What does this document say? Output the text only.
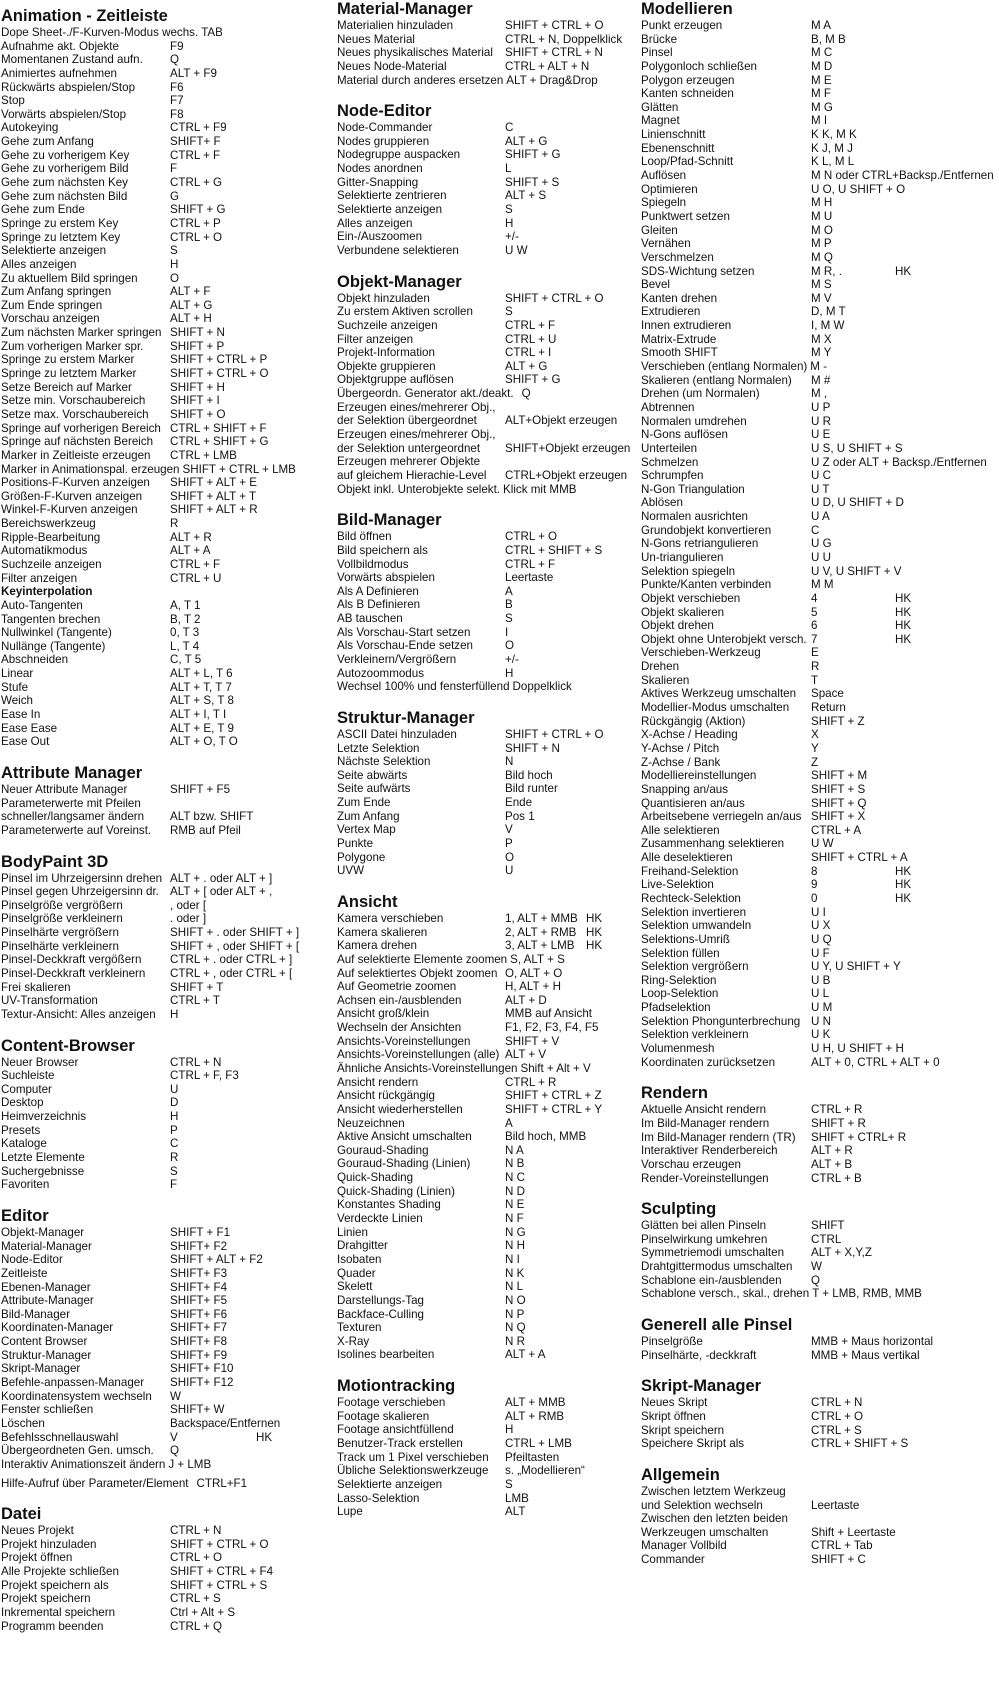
Animation - Zeitleiste
Dope Sheet-./F-Kurven-Modus wechs. TAB
Aufnahme akt. Objekte	F9
Momentanen Zustand aufn. Q
Animiertes aufnehmen	ALT + F9
Rückwärts abspielen/Stop	F6
Stop	F7
Vorwärts abspielen/Stop	F8
Autokeying	CTRL + F9
Gehe zum Anfang	SHIFT+ F
Gehe zu vorherigem Key	CTRL + F
Gehe zu vorherigem Bild	F
Gehe zum nächsten Key	CTRL + G
Gehe zum nächsten Bild	G
Gehe zum Ende	SHIFT + G
Springe zu erstem Key	CTRL + P
Springe zu letztem Key	CTRL + O
Selektierte anzeigen	S
Alles anzeigen	H
Zu aktuellem Bild springen	O
Zum Anfang springen	ALT + F
Zum Ende springen	ALT + G
Vorschau anzeigen	ALT + H
Zum nächsten Marker springen SHIFT + N
Zum vorherigen Marker spr. SHIFT + P
Springe zu erstem Marker	SHIFT + CTRL + P
Springe zu letztem Marker	SHIFT + CTRL + O
Setze Bereich auf Marker	SHIFT + H
Setze min. Vorschaubereich SHIFT + I
Setze max. Vorschaubereich SHIFT + O
Springe auf vorherigen Bereich CTRL + SHIFT + F
Springe auf nächsten Bereich CTRL + SHIFT + G
Marker in Zeitleiste erzeugen CTRL + LMB
Marker in Animationspal. erzeugen SHIFT + CTRL + LMB
Positions-F-Kurven anzeigen SHIFT + ALT + E
Größen-F-Kurven anzeigen SHIFT + ALT + T
Winkel-F-Kurven anzeigen	SHIFT + ALT + R
Bereichswerkzeug	R
Ripple-Bearbeitung	ALT + R
Automatikmodus	ALT + A
Suchzeile anzeigen	CTRL + F
Filter anzeigen	CTRL + U
Keyinterpolation
Auto-Tangenten	A, T 1
Tangenten brechen	B, T 2
Nullwinkel (Tangente)	0, T 3
Nullänge (Tangente)	L, T 4
Abschneiden	C, T 5
Linear	ALT + L, T 6
Stufe	ALT + T, T 7
Weich	ALT + S, T 8
Ease In	ALT + I, T I
Ease Ease	ALT + E, T 9
Ease Out	ALT + O, T O
Attribute Manager
Neuer Attribute Manager	SHIFT + F5
Parameterwerte mit Pfeilen
schneller/langsamer ändern ALT bzw. SHIFT
Parameterwerte auf Voreinst. RMB auf Pfeil
BodyPaint 3D
Pinsel im Uhrzeigersinn drehen ALT + . oder ALT + ]
Pinsel gegen Uhrzeigersinn dr. ALT + [ oder ALT + ,
Pinselgröße vergrößern	, oder [
Pinselgröße verkleinern	. oder ]
Pinselhärte vergrößern	SHIFT + . oder SHIFT + ]
Pinselhärte verkleinern	SHIFT + , oder SHIFT + [
Pinsel-Deckkraft vergößern CTRL + . oder CTRL + ]
Pinsel-Deckkraft verkleinern CTRL + , oder CTRL + [
Frei skalieren	SHIFT + T
UV-Transformation	CTRL + T
Textur-Ansicht: Alles anzeigen H
Content-Browser
Neuer Browser	CTRL + N
Suchleiste	CTRL + F, F3
Computer	U
Desktop	D
Heimverzeichnis	H
Presets	P
Kataloge	C
Letzte Elemente	R
Suchergebnisse	S
Favoriten	F
Editor
Objekt-Manager	SHIFT + F1
Material-Manager	SHIFT+ F2
Node-Editor	SHIFT + ALT + F2
Zeitleiste	SHIFT+ F3
Ebenen-Manager	SHIFT+ F4
Attribute-Manager	SHIFT+ F5
Bild-Manager	SHIFT+ F6
Koordinaten-Manager	SHIFT+ F7
Content Browser	SHIFT+ F8
Struktur-Manager	SHIFT+ F9
Skript-Manager	SHIFT+ F10
Befehle-anpassen-Manager SHIFT+ F12
Koordinatensystem wechseln W
Fenster schließen	SHIFT+ W
Löschen	Backspace/Entfernen
Befehlsschnellauswahl	V	HK
Übergeordneten Gen. umsch. Q
Interaktiv Animationszeit ändern J + LMB
Hilfe-Aufruf über Parameter/Element CTRL+F1
Datei
Neues Projekt	CTRL + N
Projekt hinzuladen	SHIFT + CTRL + O
Projekt öffnen	CTRL + O
Alle Projekte schließen	SHIFT + CTRL + F4
Projekt speichern als	SHIFT + CTRL + S
Projekt speichern	CTRL + S
Inkremental speichern	Ctrl + Alt + S
Programm beenden	CTRL + Q
Material-Manager
Materialien hinzuladen	SHIFT + CTRL + O
Neues Material	CTRL + N, Doppelklick
Neues physikalisches Material SHIFT + CTRL + N
Neues Node-Material	CTRL + ALT + N
Material durch anderes ersetzen ALT + Drag&Drop
Node-Editor
Node-Commander	C
Nodes gruppieren	ALT + G
Nodegruppe auspacken	SHIFT + G
Nodes anordnen	L
Gitter-Snapping	SHIFT + S
Selektierte zentrieren	ALT + S
Selektierte anzeigen	S
Alles anzeigen	H
Ein-/Auszoomen	+/-
Verbundene selektieren	U W
Objekt-Manager
Objekt hinzuladen	SHIFT + CTRL + O
Zu erstem Aktiven scrollen	S
Suchzeile anzeigen	CTRL + F
Filter anzeigen	CTRL + U
Projekt-Information	CTRL + I
Objekte gruppieren	ALT + G
Objektgruppe auflösen	SHIFT + G
Übergeordn. Generator akt./deakt. Q
Erzeugen eines/mehrerer Obj.,
der Selektion übergeordnet ALT+Objekt erzeugen
Erzeugen eines/mehrerer Obj.,
der Selektion untergeordnet SHIFT+Objekt erzeugen
Erzeugen mehrerer Objekte
auf gleichem Hierachie-Level CTRL+Objekt erzeugen
Objekt inkl. Unterobjekte selekt. Klick mit MMB
Bild-Manager
Bild öffnen	CTRL + O
Bild speichern als	CTRL + SHIFT + S
Vollbildmodus	CTRL + F
Vorwärts abspielen	Leertaste
Als A Definieren	A
Als B Definieren	B
AB tauschen	S
Als Vorschau-Start setzen	I
Als Vorschau-Ende setzen	O
Verkleinern/Vergrößern	+/-
Autozoommodus	H
Wechsel 100% und fensterfüllend Doppelklick
Struktur-Manager
ASCII Datei hinzuladen	SHIFT + CTRL + O
Letzte Selektion	SHIFT + N
Nächste Selektion	N
Seite abwärts	Bild hoch
Seite aufwärts	Bild runter
Zum Ende	Ende
Zum Anfang	Pos 1
Vertex Map	V
Punkte	P
Polygone	O
UVW	U
Ansicht
Kamera verschieben	1, ALT + MMB HK
Kamera skalieren	2, ALT + RMB HK
Kamera drehen	3, ALT + LMB HK
Auf selektierte Elemente zoomen S, ALT + S
Auf selektiertes Objekt zoomen O, ALT + O
Auf Geometrie zoomen	H, ALT + H
Achsen ein-/ausblenden	ALT + D
Ansicht groß/klein	MMB auf Ansicht
Wechseln der Ansichten	F1, F2, F3, F4, F5
Ansichts-Voreinstellungen	SHIFT + V
Ansichts-Voreinstellungen (alle) ALT + V
Ähnliche Ansichts-Voreinstellungen Shift + Alt + V
Ansicht rendern	CTRL + R
Ansicht rückgängig	SHIFT + CTRL + Z
Ansicht wiederherstellen	SHIFT + CTRL + Y
Neuzeichnen	A
Aktive Ansicht umschalten	Bild hoch, MMB
Gouraud-Shading	N A
Gouraud-Shading (Linien)	N B
Quick-Shading	N C
Quick-Shading (Linien)	N D
Konstantes Shading	N E
Verdeckte Linien	N F
Linien	N G
Drahgitter	N H
Isobaten	N I
Quader	N K
Skelett	N L
Darstellungs-Tag	N O
Backface-Culling	N P
Texturen	N Q
X-Ray	N R
Isolines bearbeiten	ALT + A
Motiontracking
Footage verschieben	ALT + MMB
Footage skalieren	ALT + RMB
Footage ansichtfüllend	H
Benutzer-Track erstellen	CTRL + LMB
Track um 1 Pixel verschieben Pfeiltasten
Übliche Selektionswerkzeuge s. „Modellieren“
Selektierte anzeigen	S
Lasso-Selektion	LMB
Lupe	ALT
Modellieren
Punkt erzeugen	M A
Brücke	B, M B
Pinsel	M C
Polygonloch schließen	M D
Polygon erzeugen	M E
Kanten schneiden	M F
Glätten	M G
Magnet	M I
Linienschnitt	K K, M K
Ebenenschnitt	K J, M J
Loop/Pfad-Schnitt	K L, M L
Auflösen	M N oder CTRL+Backsp./Entfernen
Optimieren	U O, U SHIFT + O
Spiegeln	M H
Punktwert setzen	M U
Gleiten	M O
Vernähen	M P
Verschmelzen	M Q
SDS-Wichtung setzen	M R, .	HK
Bevel	M S
Kanten drehen	M V
Extrudieren	D, M T
Innen extrudieren	I, M W
Matrix-Extrude	M X
Smooth SHIFT	M Y
Verschieben (entlang Normalen) M -
Skalieren (entlang Normalen) M #
Drehen (um Normalen)	M ,
Abtrennen	U P
Normalen umdrehen	U R
N-Gons auflösen	U E
Unterteilen	U S, U SHIFT + S
Schmelzen	U Z oder ALT + Backsp./Entfernen
Schrumpfen	U C
N-Gon Triangulation	U T
Ablösen	U D, U SHIFT + D
Normalen ausrichten	U A
Grundobjekt konvertieren	C
N-Gons retriangulieren	U G
Un-triangulieren	U U
Selektion spiegeln	U V, U SHIFT + V
Punkte/Kanten verbinden	M M
Objekt verschieben	4	HK
Objekt skalieren	5	HK
Objekt drehen	6	HK
Objekt ohne Unterobjekt versch. 7	HK
Verschieben-Werkzeug	E
Drehen	R
Skalieren	T
Aktives Werkzeug umschalten Space
Modellier-Modus umschalten Return
Rückgängig (Aktion)	SHIFT + Z
X-Achse / Heading	X
Y-Achse / Pitch	Y
Z-Achse / Bank	Z
Modelliereinstellungen	SHIFT + M
Snapping an/aus	SHIFT + S
Quantisieren an/aus	SHIFT + Q
Arbeitsebene verriegeln an/aus SHIFT + X
Alle selektieren	CTRL + A
Zusammenhang selektieren U W
Alle deselektieren	SHIFT + CTRL + A
Freihand-Selektion	8	HK
Live-Selektion	9	HK
Rechteck-Selektion	0	HK
Selektion invertieren	U I
Selektion umwandeln	U X
Selektions-Umriß	U Q
Selektion füllen	U F
Selektion vergrößern	U Y, U SHIFT + Y
Ring-Selektion	U B
Loop-Selektion	U L
Pfadselektion	U M
Selektion Phongunterbrechung U N
Selektion verkleinern	U K
Volumenmesh	U H, U SHIFT + H
Koordinaten zurücksetzen	ALT + 0, CTRL + ALT + 0
Rendern
Aktuelle Ansicht rendern	CTRL + R
Im Bild-Manager rendern	SHIFT + R
Im Bild-Manager rendern (TR) SHIFT + CTRL+ R
Interaktiver Renderbereich	ALT + R
Vorschau erzeugen	ALT + B
Render-Voreinstellungen	CTRL + B
Sculpting
Glätten bei allen Pinseln	SHIFT
Pinselwirkung umkehren	CTRL
Symmetriemodi umschalten ALT + X,Y,Z
Drahtgittermodus umschalten W
Schablone ein-/ausblenden	Q
Schablone versch., skal., drehen T + LMB, RMB, MMB
Generell alle Pinsel
Pinselgröße	MMB + Maus horizontal
Pinselhärte, -deckkraft	MMB + Maus vertikal
Skript-Manager
Neues Skript	CTRL + N
Skript öffnen	CTRL + O
Skript speichern	CTRL + S
Speichere Skript als	CTRL + SHIFT + S
Allgemein
Zwischen letztem Werkzeug
und Selektion wechseln	Leertaste
Zwischen den letzten beiden
Werkzeugen umschalten	Shift + Leertaste
Manager Vollbild	CTRL + Tab
Commander	SHIFT + C
